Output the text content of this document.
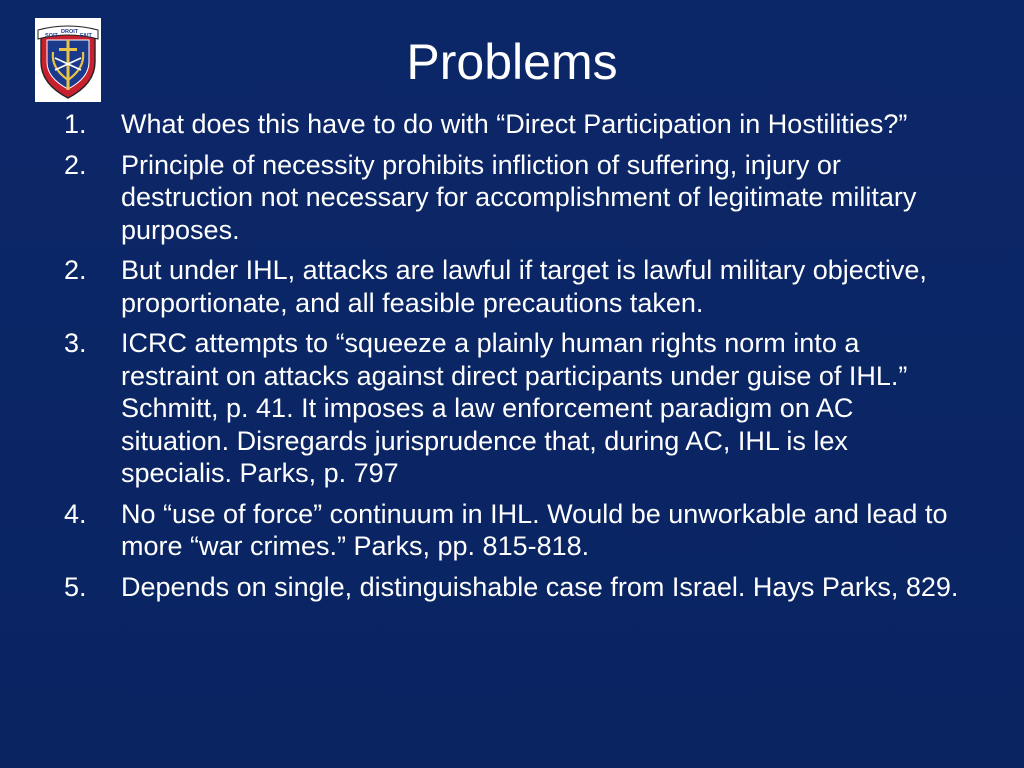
SOIT
DROIT
FAIT	Problems
1.	What does this have to do with “Direct Participation in Hostilities?”
2.	Principle of necessity prohibits infliction of suffering, injury or destruction not necessary for accomplishment of legitimate military purposes.
2.	But under IHL, attacks are lawful if target is lawful military objective, proportionate, and all feasible precautions taken.
3.	ICRC attempts to “squeeze a plainly human rights norm into a restraint on attacks against direct participants under guise of IHL.” Schmitt, p. 41. It imposes a law enforcement paradigm on AC situation. Disregards jurisprudence that, during AC, IHL is lex specialis. Parks, p. 797
4.	No “use of force” continuum in IHL. Would be unworkable and lead to more “war crimes.” Parks, pp. 815-818.
5.	Depends on single, distinguishable case from Israel. Hays Parks, 829.
